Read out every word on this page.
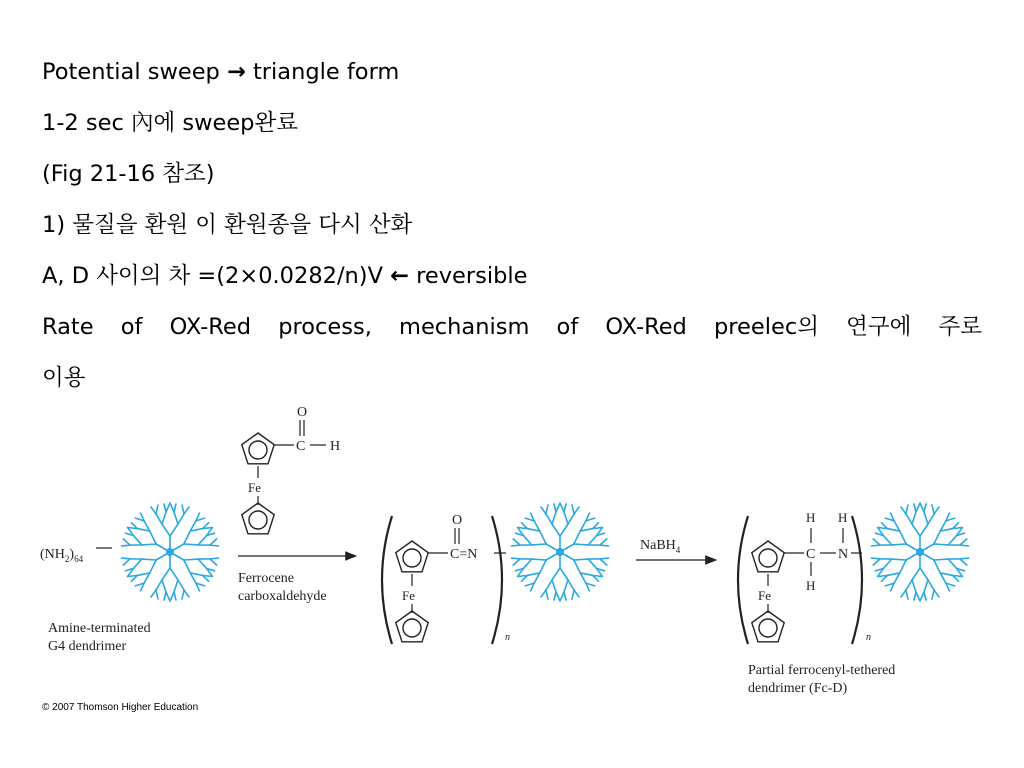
Potential sweep → triangle form
1-2 sec 內에 sweep완료
(Fig 21-16 참조)
1) 물질을 환원 이 환원종을 다시 산화
A, D 사이의 차 =(2×0.0282/n)V ← reversible
Rate of OX-Red process, mechanism of OX-Red preelec의 연구에 주로
이용
$(NH_2)_{64}$
Amine-terminated
G4 dendrimer
C
O
H
Fe
Ferrocene
carboxaldehyde
C=N
O
Fe
n
NaBH$_4$	C
H
H
N
H
Fe
n
Partial ferrocenyl-tethered
dendrimer (Fc-D)
© 2007 Thomson Higher Education
